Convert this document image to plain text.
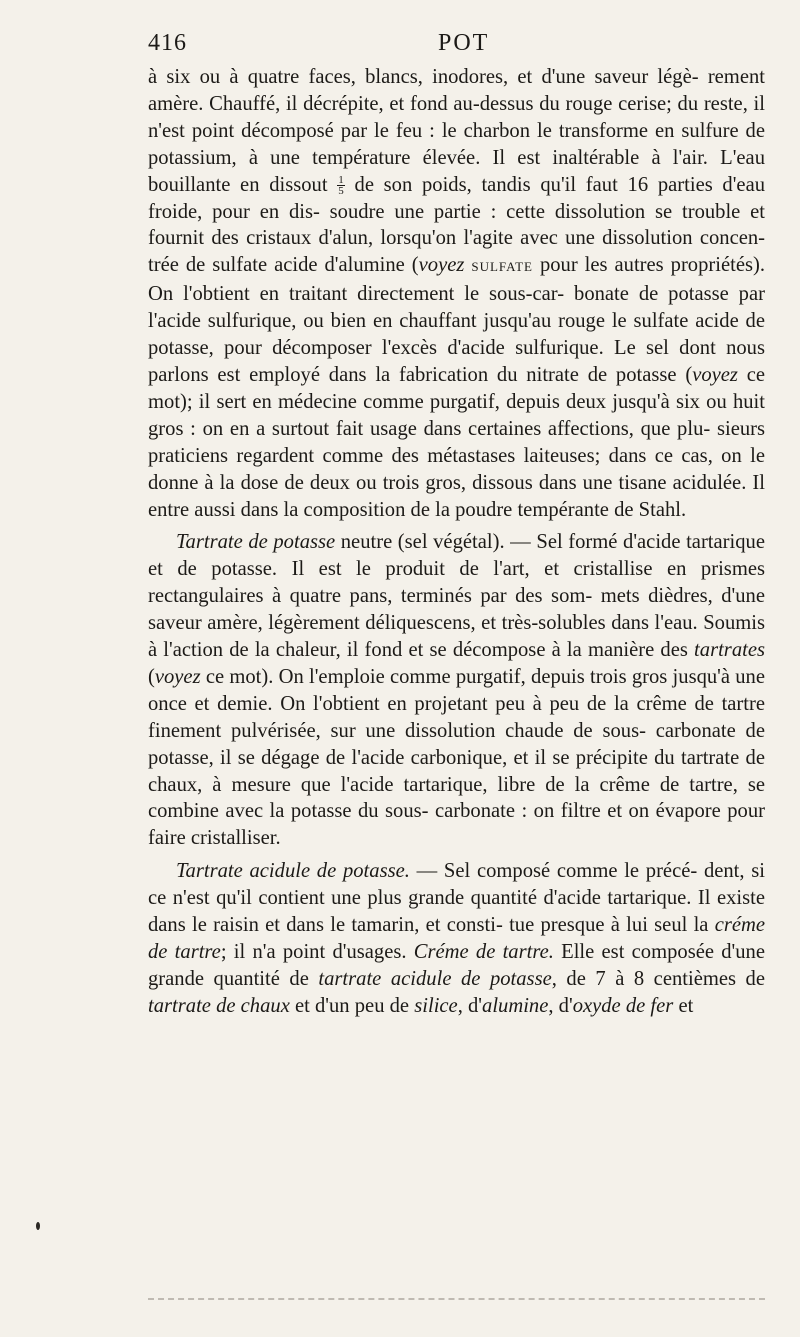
416	POT

à six ou à quatre faces, blancs, inodores, et d'une saveur légè- rement amère. Chauffé, il décrépite, et fond au-dessus du rouge cerise; du reste, il n'est point décomposé par le feu : le charbon le transforme en sulfure de potassium, à une température élevée. Il est inaltérable à l'air. L'eau bouillante en dissout $\frac{1}{5}$ de son poids, tandis qu'il faut 16 parties d'eau froide, pour en dis- soudre une partie : cette dissolution se trouble et fournit des cristaux d'alun, lorsqu'on l'agite avec une dissolution concen- trée de sulfate acide d'alumine (voyez SULFATE pour les autres propriétés). On l'obtient en traitant directement le sous-car- bonate de potasse par l'acide sulfurique, ou bien en chauffant jusqu'au rouge le sulfate acide de potasse, pour décomposer l'excès d'acide sulfurique. Le sel dont nous parlons est employé dans la fabrication du nitrate de potasse (voyez ce mot); il sert en médecine comme purgatif, depuis deux jusqu'à six ou huit gros : on en a surtout fait usage dans certaines affections, que plu- sieurs praticiens regardent comme des métastases laiteuses; dans ce cas, on le donne à la dose de deux ou trois gros, dissous dans une tisane acidulée. Il entre aussi dans la composition de la poudre tempérante de Stahl.

Tartrate de potasse neutre (sel végétal). — Sel formé d'acide tartarique et de potasse. Il est le produit de l'art, et cristallise en prismes rectangulaires à quatre pans, terminés par des som- mets dièdres, d'une saveur amère, légèrement déliquescens, et très-solubles dans l'eau. Soumis à l'action de la chaleur, il fond et se décompose à la manière des tartrates (voyez ce mot). On l'emploie comme purgatif, depuis trois gros jusqu'à une once et demie. On l'obtient en projetant peu à peu de la crême de tartre finement pulvérisée, sur une dissolution chaude de sous- carbonate de potasse, il se dégage de l'acide carbonique, et il se précipite du tartrate de chaux, à mesure que l'acide tartarique, libre de la crême de tartre, se combine avec la potasse du sous- carbonate : on filtre et on évapore pour faire cristalliser.

Tartrate acidule de potasse. — Sel composé comme le précé- dent, si ce n'est qu'il contient une plus grande quantité d'acide tartarique. Il existe dans le raisin et dans le tamarin, et consti- tue presque à lui seul la créme de tartre; il n'a point d'usages. Créme de tartre. Elle est composée d'une grande quantité de tartrate acidule de potasse, de 7 à 8 centièmes de tartrate de chaux et d'un peu de silice, d'alumine, d'oxyde de fer et
